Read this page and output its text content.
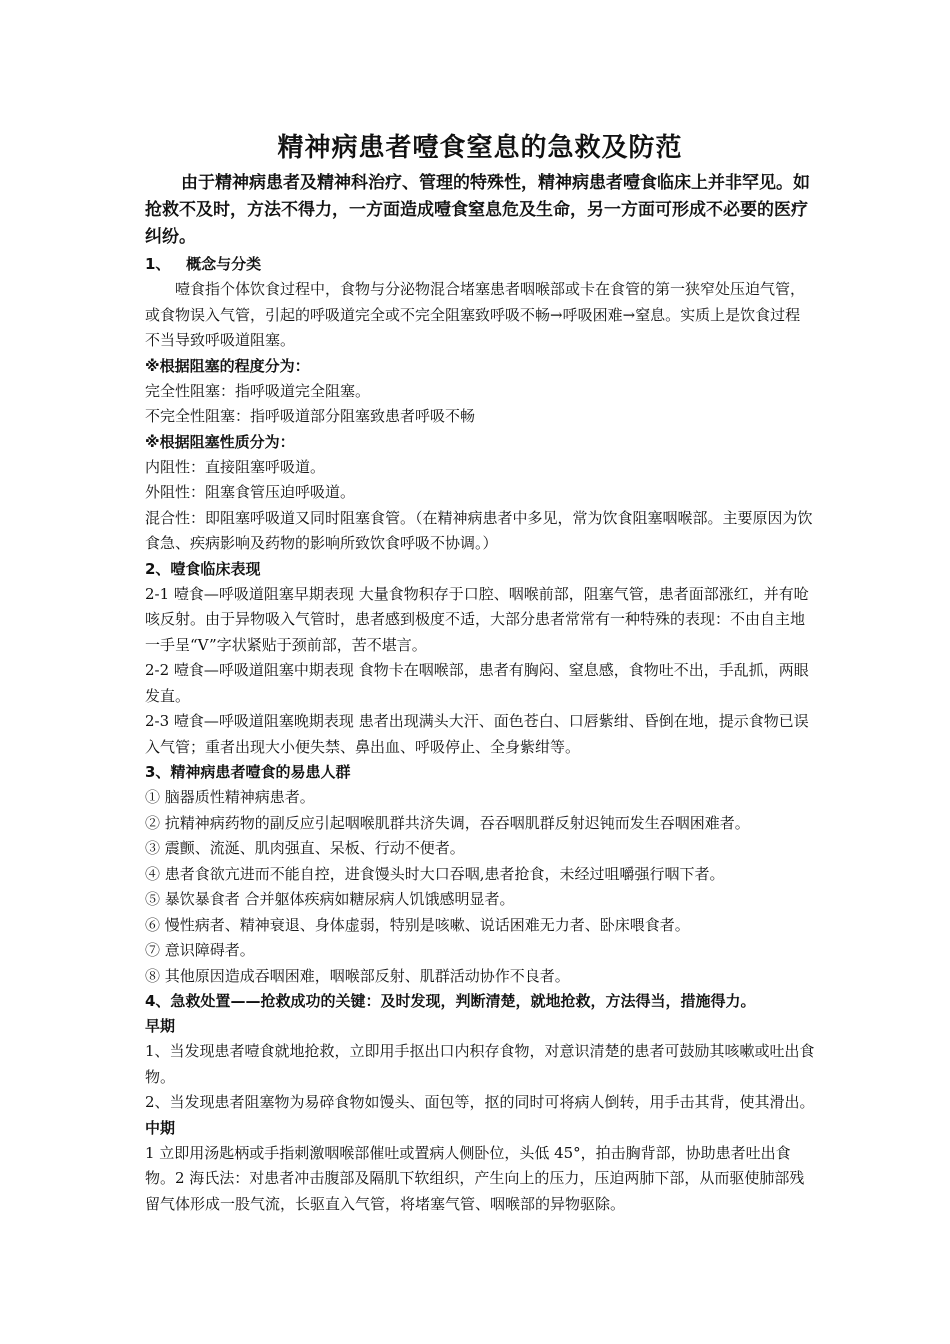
精神病患者噎食窒息的急救及防范

由于精神病患者及精神科治疗、管理的特殊性，精神病患者噎食临床上并非罕见。如抢救不及时，方法不得力，一方面造成噎食窒息危及生命，另一方面可形成不必要的医疗纠纷。

1、   概念与分类

噎食指个体饮食过程中，食物与分泌物混合堵塞患者咽喉部或卡在食管的第一狭窄处压迫气管，或食物误入气管，引起的呼吸道完全或不完全阻塞致呼吸不畅→呼吸困难→窒息。实质上是饮食过程不当导致呼吸道阻塞。

※根据阻塞的程度分为：

完全性阻塞：指呼吸道完全阻塞。

不完全性阻塞：指呼吸道部分阻塞致患者呼吸不畅

※根据阻塞性质分为：

内阻性：直接阻塞呼吸道。

外阻性：阻塞食管压迫呼吸道。

混合性：即阻塞呼吸道又同时阻塞食管。（在精神病患者中多见，常为饮食阻塞咽喉部。主要原因为饮食急、疾病影响及药物的影响所致饮食呼吸不协调。）

2、噎食临床表现

2-1 噎食—呼吸道阻塞早期表现 大量食物积存于口腔、咽喉前部，阻塞气管，患者面部涨红，并有呛咳反射。由于异物吸入气管时，患者感到极度不适，大部分患者常常有一种特殊的表现：不由自主地一手呈“V”字状紧贴于颈前部，苦不堪言。

2-2 噎食—呼吸道阻塞中期表现 食物卡在咽喉部，患者有胸闷、窒息感，食物吐不出，手乱抓，两眼发直。

2-3 噎食—呼吸道阻塞晚期表现 患者出现满头大汗、面色苍白、口唇紫绀、昏倒在地，提示食物已误入气管；重者出现大小便失禁、鼻出血、呼吸停止、全身紫绀等。

3、精神病患者噎食的易患人群

① 脑器质性精神病患者。

② 抗精神病药物的副反应引起咽喉肌群共济失调，吞吞咽肌群反射迟钝而发生吞咽困难者。

③ 震颤、流涎、肌肉强直、呆板、行动不便者。

④ 患者食欲亢进而不能自控，进食馒头时大口吞咽,患者抢食，未经过咀嚼强行咽下者。

⑤ 暴饮暴食者 合并躯体疾病如糖尿病人饥饿感明显者。

⑥ 慢性病者、精神衰退、身体虚弱，特别是咳嗽、说话困难无力者、卧床喂食者。

⑦ 意识障碍者。

⑧ 其他原因造成吞咽困难，咽喉部反射、肌群活动协作不良者。

4、急救处置——抢救成功的关键：及时发现，判断清楚，就地抢救，方法得当，措施得力。

早期

1、当发现患者噎食就地抢救，立即用手抠出口内积存食物，对意识清楚的患者可鼓励其咳嗽或吐出食物。

2、当发现患者阻塞物为易碎食物如馒头、面包等，抠的同时可将病人倒转，用手击其背，使其滑出。

中期

1 立即用汤匙柄或手指刺激咽喉部催吐或置病人侧卧位，头低 45°，拍击胸背部，协助患者吐出食物。2 海氏法：对患者冲击腹部及隔肌下软组织，产生向上的压力，压迫两肺下部，从而驱使肺部残留气体形成一股气流，长驱直入气管，将堵塞气管、咽喉部的异物驱除。
